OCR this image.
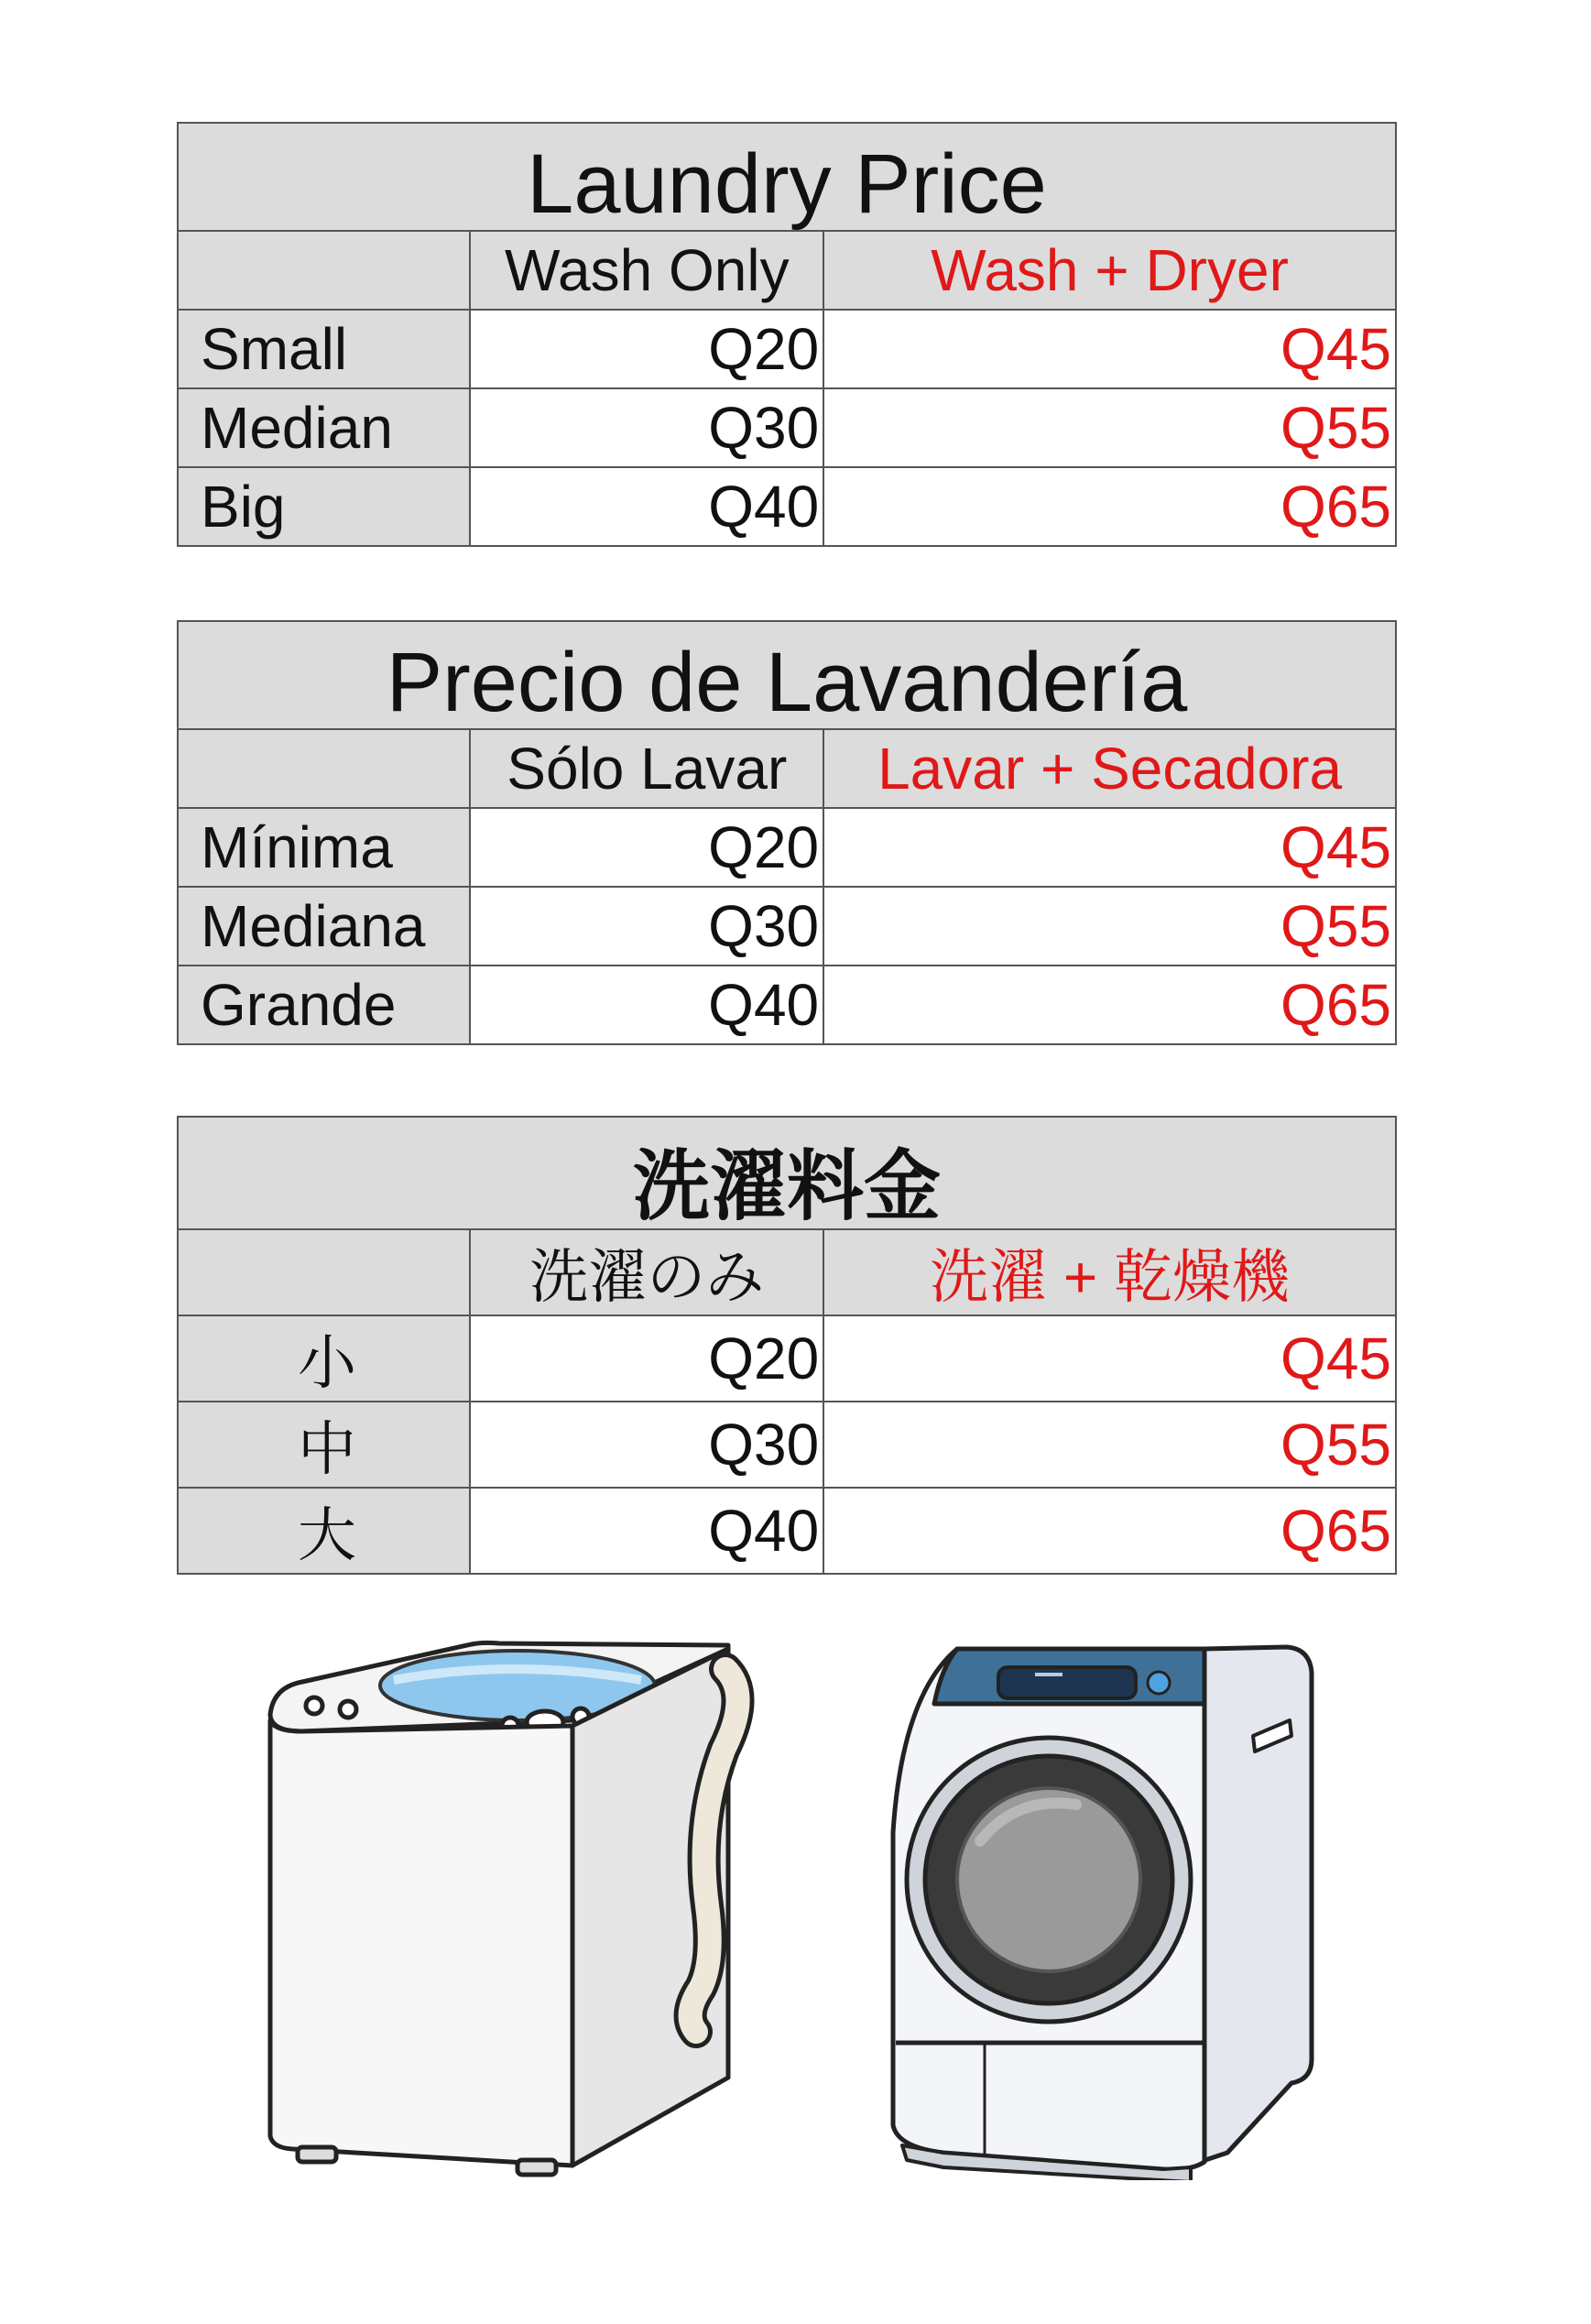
Laundry Price		
	Wash Only	Wash + Dryer
Small	Q20	Q45
Median	Q30	Q55
Big	Q40	Q65
Precio de Lavandería		
	Sólo Lavar	Lavar + Secadora
Mínima	Q20	Q45
Mediana	Q30	Q55
Grande	Q40	Q65
洗濯料金		
	洗濯のみ	洗濯 + 乾燥機
小	Q20	Q45
中	Q30	Q55
大	Q40	Q65
